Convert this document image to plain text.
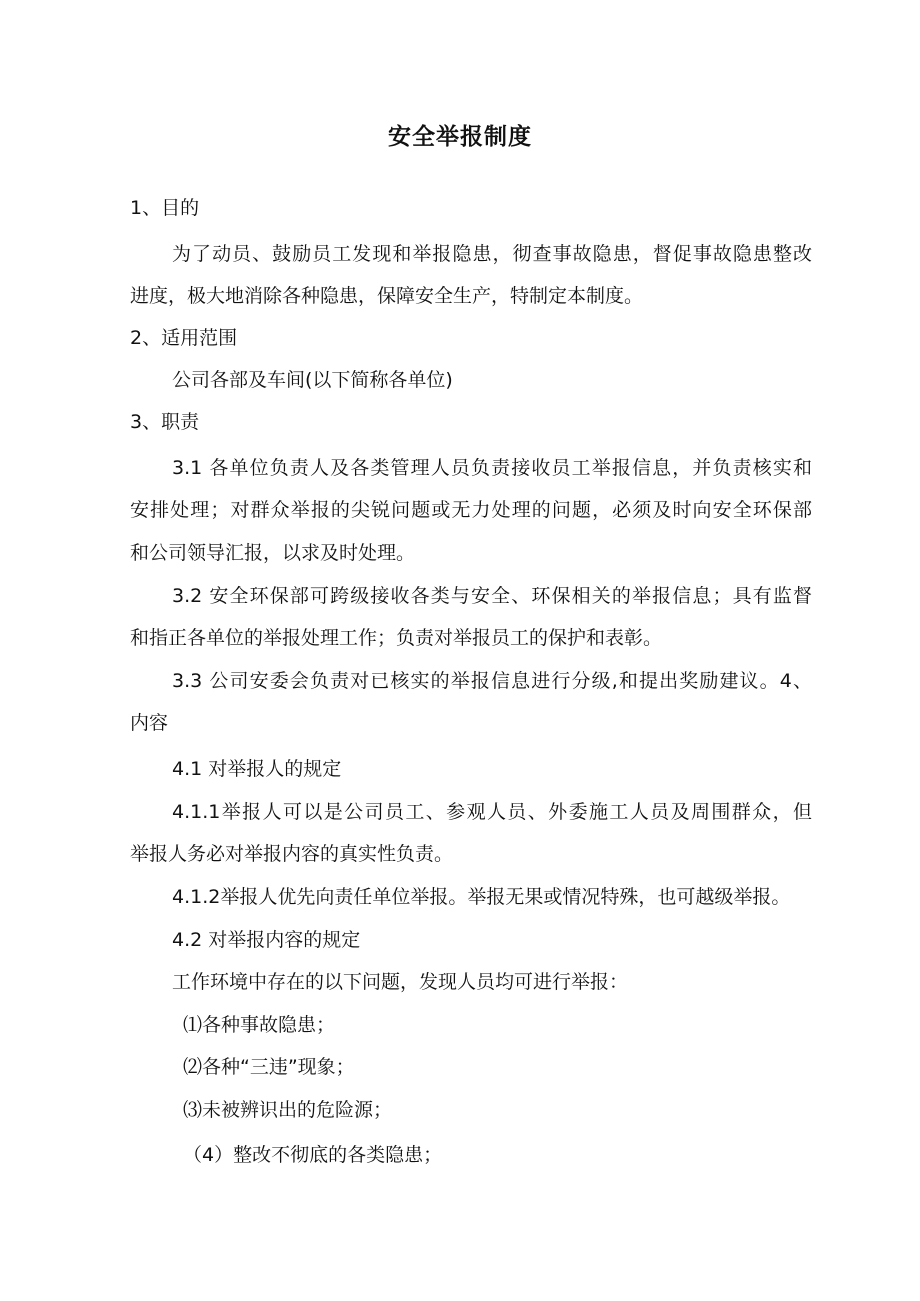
安全举报制度
1、目的
为了动员、鼓励员工发现和举报隐患，彻查事故隐患，督促事故隐患整改
进度，极大地消除各种隐患，保障安全生产，特制定本制度。
2、适用范围
公司各部及车间(以下简称各单位)
3、职责
3.1 各单位负责人及各类管理人员负责接收员工举报信息，并负责核实和
安排处理；对群众举报的尖锐问题或无力处理的问题，必须及时向安全环保部
和公司领导汇报，以求及时处理。
3.2 安全环保部可跨级接收各类与安全、环保相关的举报信息；具有监督
和指正各单位的举报处理工作；负责对举报员工的保护和表彰。
3.3 公司安委会负责对已核实的举报信息进行分级,和提出奖励建议。4、
内容
4.1 对举报人的规定
4.1.1举报人可以是公司员工、参观人员、外委施工人员及周围群众，但
举报人务必对举报内容的真实性负责。
4.1.2举报人优先向责任单位举报。举报无果或情况特殊，也可越级举报。
4.2 对举报内容的规定
工作环境中存在的以下问题，发现人员均可进行举报：
⑴各种事故隐患；
⑵各种“三违”现象；
⑶未被辨识出的危险源；
（4）整改不彻底的各类隐患；
